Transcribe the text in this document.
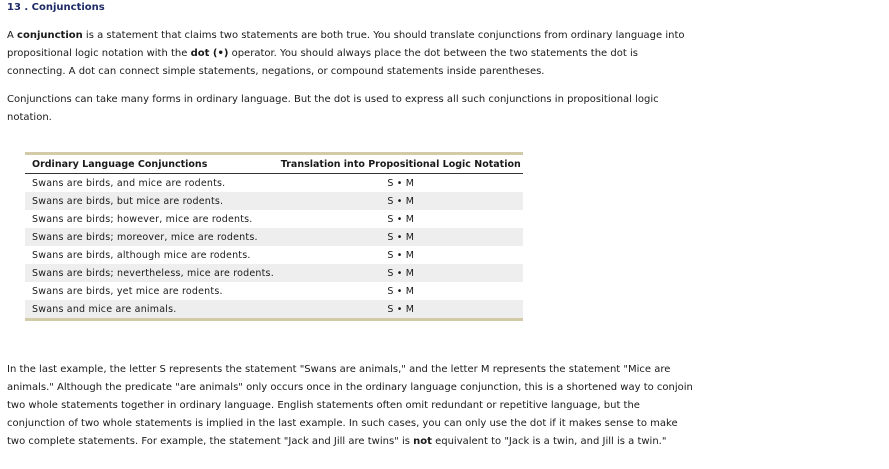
13 . Conjunctions

A conjunction is a statement that claims two statements are both true. You should translate conjunctions from ordinary language into propositional logic notation with the dot (•) operator. You should always place the dot between the two statements the dot is connecting. A dot can connect simple statements, negations, or compound statements inside parentheses.

Conjunctions can take many forms in ordinary language. But the dot is used to express all such conjunctions in propositional logic notation.

Ordinary Language Conjunctions	Translation into Propositional Logic Notation
Swans are birds, and mice are rodents.	S • M
Swans are birds, but mice are rodents.	S • M
Swans are birds; however, mice are rodents.	S • M
Swans are birds; moreover, mice are rodents.	S • M
Swans are birds, although mice are rodents.	S • M
Swans are birds; nevertheless, mice are rodents.	S • M
Swans are birds, yet mice are rodents.	S • M
Swans and mice are animals.	S • M

In the last example, the letter S represents the statement "Swans are animals," and the letter M represents the statement "Mice are animals." Although the predicate "are animals" only occurs once in the ordinary language conjunction, this is a shortened way to conjoin two whole statements together in ordinary language. English statements often omit redundant or repetitive language, but the conjunction of two whole statements is implied in the last example. In such cases, you can only use the dot if it makes sense to make two complete statements. For example, the statement "Jack and Jill are twins" is not equivalent to "Jack is a twin, and Jill is a twin."
